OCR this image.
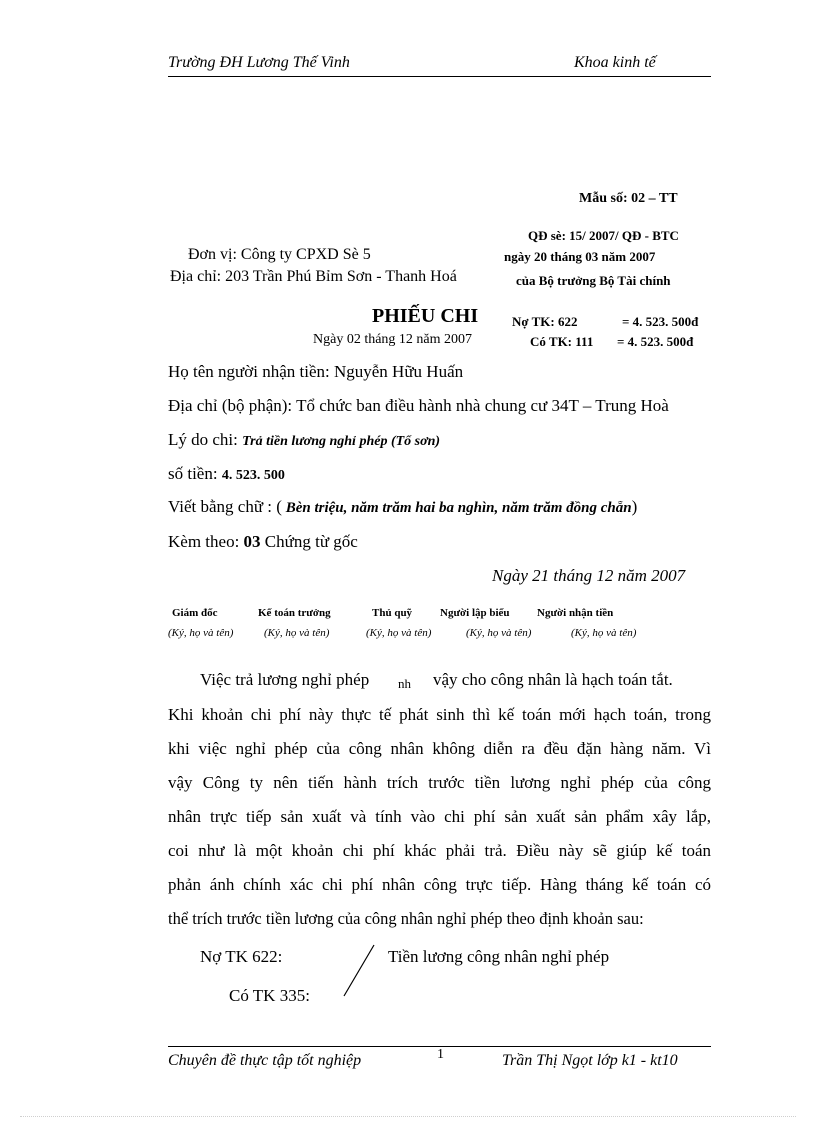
Trường ĐH Lương Thế Vinh	Khoa kinh tế
Mẫu số: 02 – TT
QĐ sè: 15/ 2007/ QĐ - BTC
ngày 20 tháng 03 năm 2007
của Bộ trưởng Bộ Tài chính
Đơn vị: Công ty CPXD Sè 5
Địa chỉ: 203 Trần Phú Bỉm Sơn - Thanh Hoá
PHIẾU CHI
Ngày 02 tháng 12 năm 2007
Nợ TK: 622	= 4. 523. 500đ
Có TK: 111 = 4. 523. 500đ
Họ tên người nhận tiền: Nguyễn Hữu Huấn
Địa chỉ (bộ phận): Tổ chức ban điều hành nhà chung cư 34T – Trung Hoà
Lý do chi: Trả tiền lương nghỉ phép (Tổ sơn)
số tiền: 4. 523. 500
Viết bằng chữ : ( Bèn triệu, năm trăm hai ba nghìn, năm trăm đồng chẵn)
Kèm theo: 03 Chứng từ gốc
Ngày 21 tháng 12 năm 2007
Giám đốc	Kế toán trưởng	Thủ quỹ	Người lập biểu Người nhận tiền
(Ký, họ và tên)	(Ký, họ và tên)	(Ký, họ và tên)	(Ký, họ và tên)	(Ký, họ và tên)
Việc trả lương nghỉ phép nh vậy cho công nhân là hạch toán tắt.
Khi khoản chi phí này thực tế phát sinh thì kế toán mới hạch toán, trong
khi việc nghỉ phép của công nhân không diễn ra đều đặn hàng năm. Vì
vậy Công ty nên tiến hành trích trước tiền lương nghỉ phép của công
nhân trực tiếp sản xuất và tính vào chi phí sản xuất sản phẩm xây lắp,
coi như là một khoản chi phí khác phải trả. Điều này sẽ giúp kế toán
phản ánh chính xác chi phí nhân công trực tiếp. Hàng tháng kế toán có
thể trích trước tiền lương của công nhân nghỉ phép theo định khoản sau:
Nợ TK 622:
Có TK 335:
Tiền lương công nhân nghỉ phép
Chuyên đề thực tập tốt nghiệp	1	Trần Thị Ngọt lớp k1 - kt10
